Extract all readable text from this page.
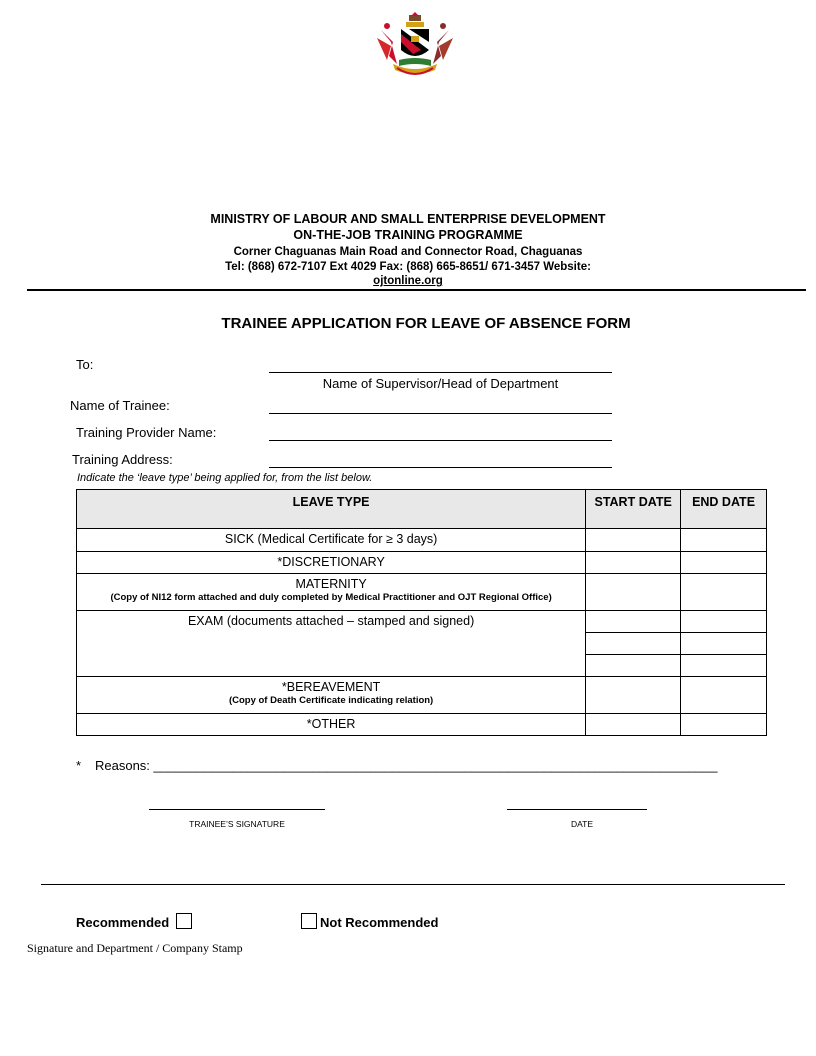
MINISTRY OF LABOUR AND SMALL ENTERPRISE DEVELOPMENT
ON-THE-JOB TRAINING PROGRAMME
Corner Chaguanas Main Road and Connector Road, Chaguanas
Tel: (868) 672-7107 Ext 4029 Fax: (868) 665-8651/ 671-3457 Website:
ojtonline.org
TRAINEE APPLICATION FOR LEAVE OF ABSENCE FORM
To:
Name of Supervisor/Head of Department
Name of Trainee:
Training Provider Name:
Training Address:
Indicate the ‘leave type’ being applied for, from the list below.
LEAVE TYPE	START DATE	END DATE
SICK (Medical Certificate for ≥ 3 days)		
*DISCRETIONARY		
MATERNITY
(Copy of NI12 form attached and duly completed by Medical Practitioner and OJT Regional Office)		

EXAM (documents attached – stamped and signed)		

*BEREAVEMENT
(Copy of Death Certificate indicating relation)		

*OTHER		
* Reasons: ______________________________________________________________________________
TRAINEE’S SIGNATURE	DATE
Recommended	Not Recommended
Signature and Department / Company Stamp
